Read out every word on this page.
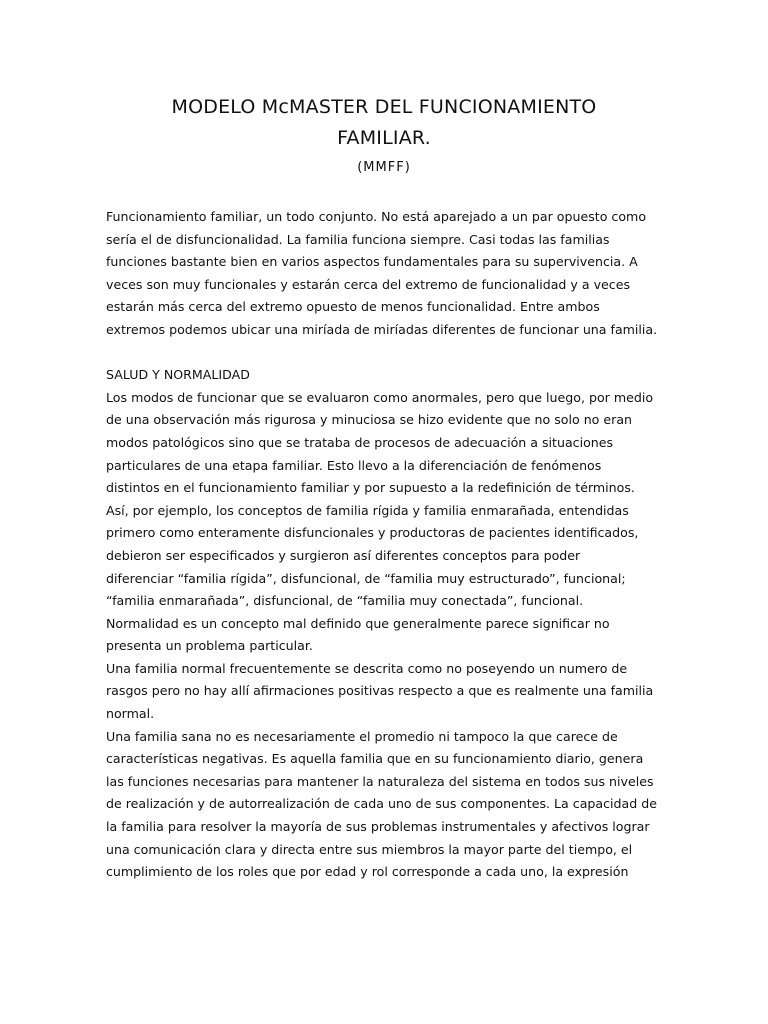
MODELO McMASTER DEL FUNCIONAMIENTO
FAMILIAR.
(MMFF)

Funcionamiento familiar, un todo conjunto. No está aparejado a un par opuesto como

sería el de disfuncionalidad. La familia funciona siempre. Casi todas las familias

funciones bastante bien en varios aspectos fundamentales para su supervivencia. A

veces son muy funcionales y estarán cerca del extremo de funcionalidad y a veces

estarán más cerca del extremo opuesto de menos funcionalidad. Entre ambos

extremos podemos ubicar una miríada de miríadas diferentes de funcionar una familia.

SALUD Y NORMALIDAD

Los modos de funcionar que se evaluaron como anormales, pero que luego, por medio

de una observación más rigurosa y minuciosa se hizo evidente que no solo no eran

modos patológicos sino que se trataba de procesos de adecuación a situaciones

particulares de una etapa familiar. Esto llevo a la diferenciación de fenómenos

distintos en el funcionamiento familiar y por supuesto a la redefinición de términos.

Así, por ejemplo, los conceptos de familia rígida y familia enmarañada, entendidas

primero como enteramente disfuncionales y productoras de pacientes identificados,

debieron ser especificados y surgieron así diferentes conceptos para poder

diferenciar “familia rígida”, disfuncional, de “familia muy estructurado”, funcional;

“familia enmarañada”, disfuncional, de “familia muy conectada”, funcional.

Normalidad es un concepto mal definido que generalmente parece significar no

presenta un problema particular.

Una familia normal frecuentemente se descrita como no poseyendo un numero de

rasgos pero no hay allí afirmaciones positivas respecto a que es realmente una familia

normal.

Una familia sana no es necesariamente el promedio ni tampoco la que carece de

características negativas. Es aquella familia que en su funcionamiento diario, genera

las funciones necesarias para mantener la naturaleza del sistema en todos sus niveles

de realización y de autorrealización de cada uno de sus componentes. La capacidad de

la familia para resolver la mayoría de sus problemas instrumentales y afectivos lograr

una comunicación clara y directa entre sus miembros la mayor parte del tiempo, el

cumplimiento de los roles que por edad y rol corresponde a cada uno, la expresión
